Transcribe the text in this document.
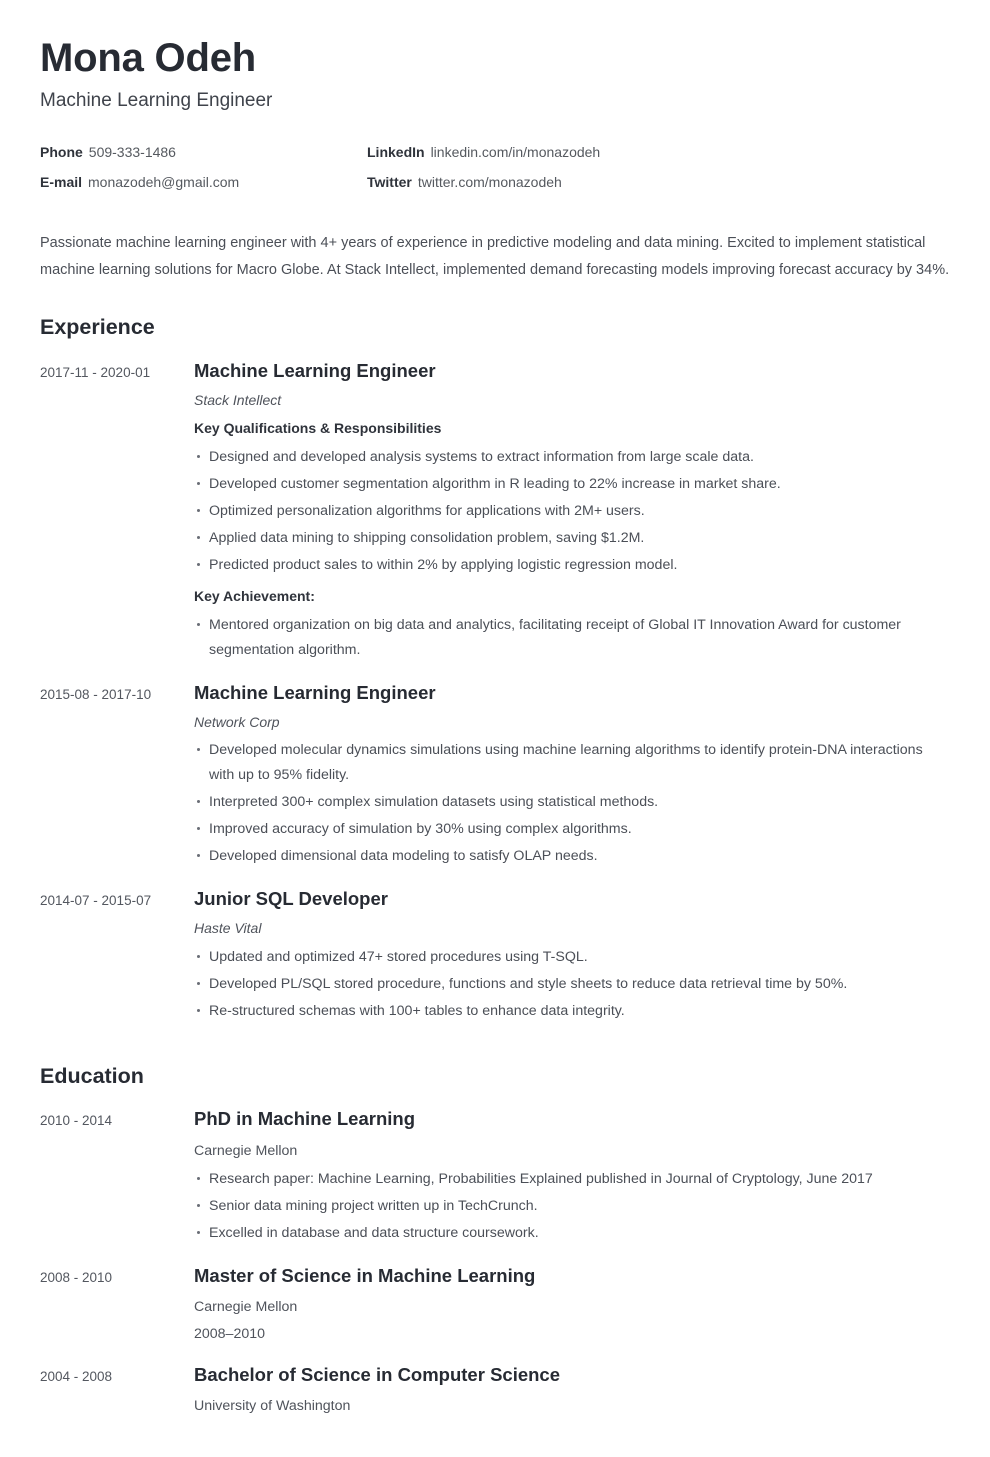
Mona Odeh
Machine Learning Engineer
Phone 509-333-1486	LinkedIn linkedin.com/in/monazodeh
E-mail monazodeh@gmail.com	Twitter twitter.com/monazodeh

Passionate machine learning engineer with 4+ years of experience in predictive modeling and data mining. Excited to implement statistical machine learning solutions for Macro Globe. At Stack Intellect, implemented demand forecasting models improving forecast accuracy by 34%.

Experience
2017-11 - 2020-01	Machine Learning Engineer
Stack Intellect
Key Qualifications & Responsibilities
Designed and developed analysis systems to extract information from large scale data.
Developed customer segmentation algorithm in R leading to 22% increase in market share.
Optimized personalization algorithms for applications with 2M+ users.
Applied data mining to shipping consolidation problem, saving $1.2M.
Predicted product sales to within 2% by applying logistic regression model.
Key Achievement:
Mentored organization on big data and analytics, facilitating receipt of Global IT Innovation Award for customer segmentation algorithm.
2015-08 - 2017-10	Machine Learning Engineer
Network Corp
Developed molecular dynamics simulations using machine learning algorithms to identify protein-DNA interactions with up to 95% fidelity.
Interpreted 300+ complex simulation datasets using statistical methods.
Improved accuracy of simulation by 30% using complex algorithms.
Developed dimensional data modeling to satisfy OLAP needs.
2014-07 - 2015-07	Junior SQL Developer
Haste Vital
Updated and optimized 47+ stored procedures using T-SQL.
Developed PL/SQL stored procedure, functions and style sheets to reduce data retrieval time by 50%.
Re-structured schemas with 100+ tables to enhance data integrity.
Education
2010 - 2014	PhD in Machine Learning
Carnegie Mellon
Research paper: Machine Learning, Probabilities Explained published in Journal of Cryptology, June 2017
Senior data mining project written up in TechCrunch.
Excelled in database and data structure coursework.
2008 - 2010	Master of Science in Machine Learning
Carnegie Mellon
2008–2010
2004 - 2008	Bachelor of Science in Computer Science
University of Washington
